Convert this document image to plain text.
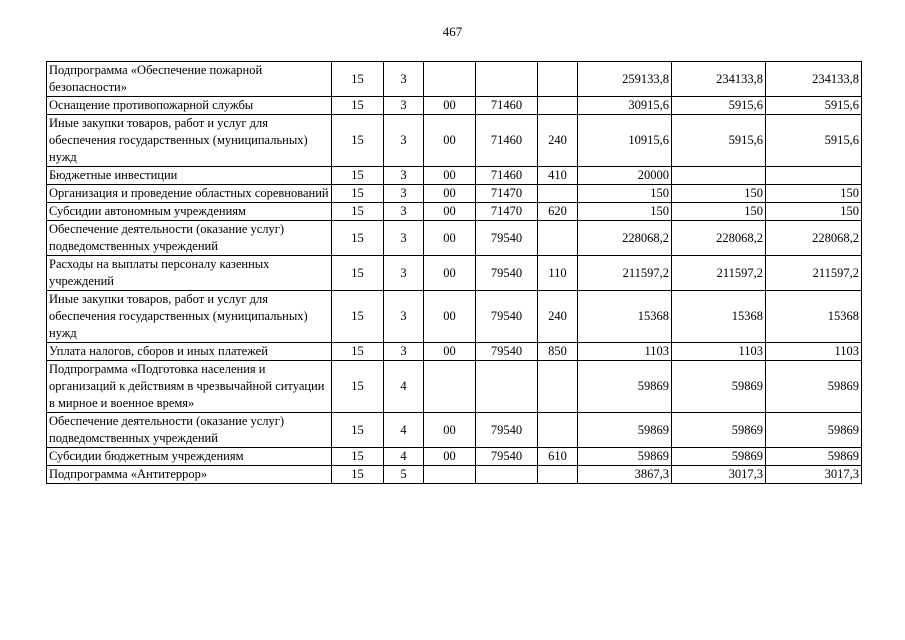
467
Подпрограмма «Обеспечение пожарной безопасности»	15	3				259133,8	234133,8	234133,8
Оснащение противопожарной службы	15	3	00	71460		30915,6	5915,6	5915,6
Иные закупки товаров, работ и услуг для обеспечения государственных (муниципальных) нужд	15	3	00	71460	240	10915,6	5915,6	5915,6
Бюджетные инвестиции	15	3	00	71460	410	20000		
Организация и проведение областных соревнований	15	3	00	71470		150	150	150
Субсидии автономным учреждениям	15	3	00	71470	620	150	150	150
Обеспечение деятельности (оказание услуг) подведомственных учреждений	15	3	00	79540		228068,2	228068,2	228068,2
Расходы на выплаты персоналу казенных учреждений	15	3	00	79540	110	211597,2	211597,2	211597,2
Иные закупки товаров, работ и услуг для обеспечения государственных (муниципальных) нужд	15	3	00	79540	240	15368	15368	15368
Уплата налогов, сборов и иных платежей	15	3	00	79540	850	1103	1103	1103
Подпрограмма «Подготовка населения и организаций к действиям в чрезвычайной ситуации в мирное и военное время»	15	4				59869	59869	59869
Обеспечение деятельности (оказание услуг) подведомственных учреждений	15	4	00	79540		59869	59869	59869
Субсидии бюджетным учреждениям	15	4	00	79540	610	59869	59869	59869
Подпрограмма «Антитеррор»	15	5				3867,3	3017,3	3017,3
